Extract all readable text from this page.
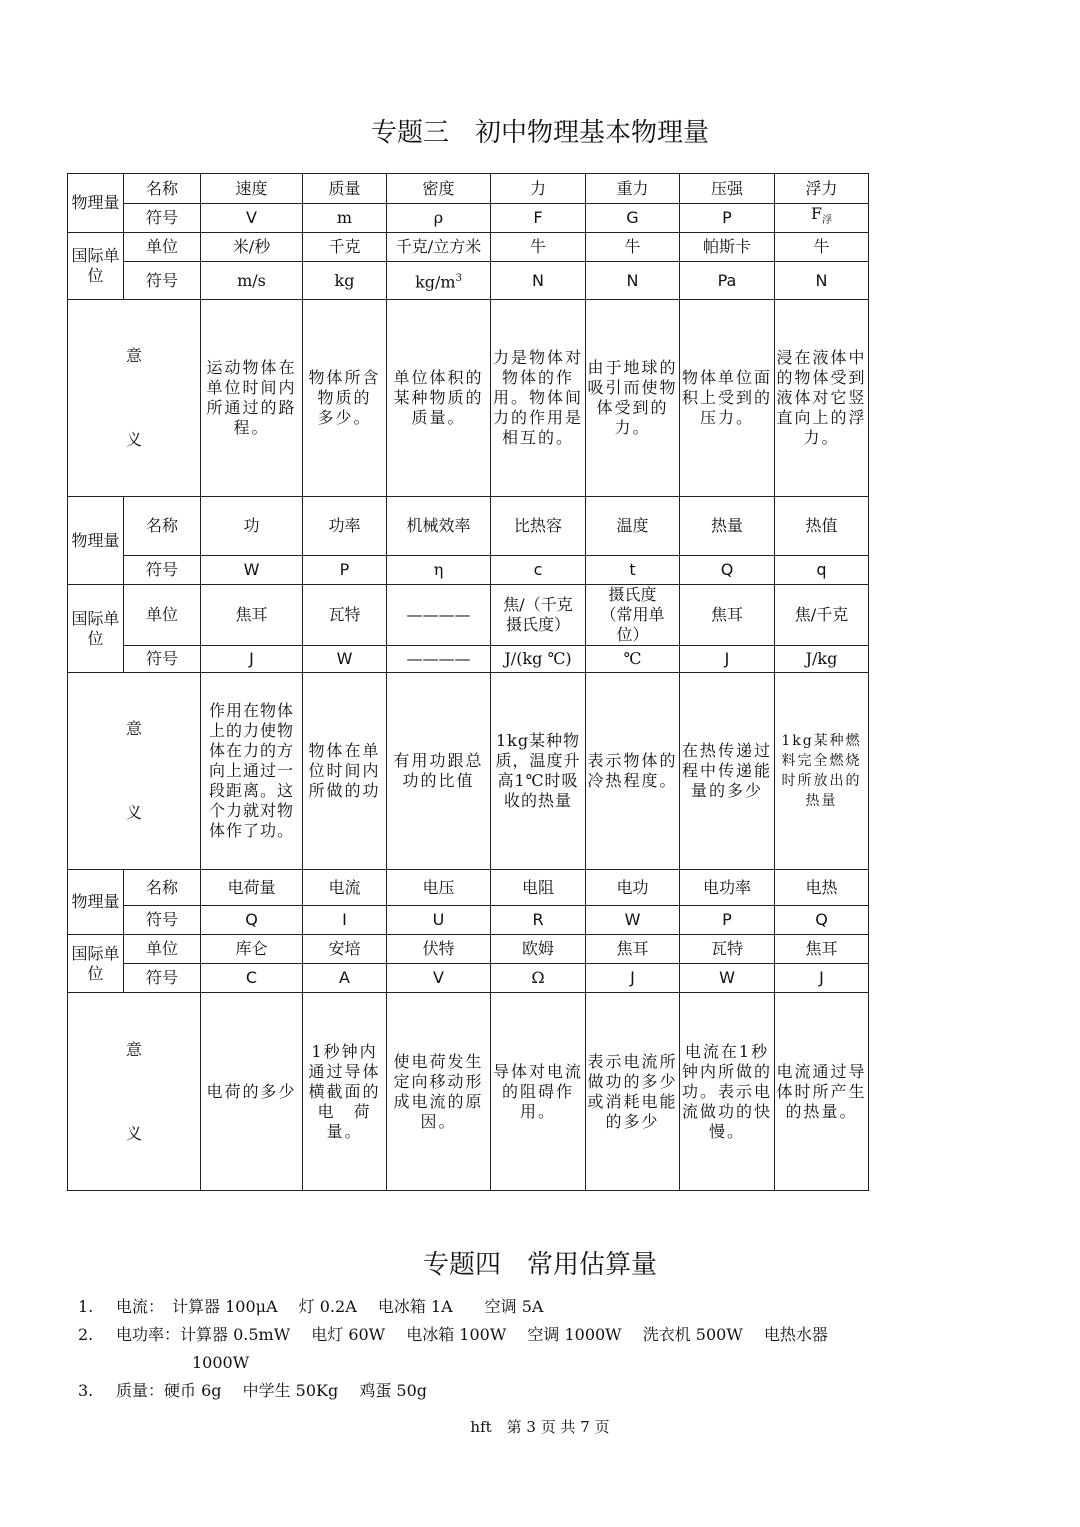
专题三　初中物理基本物理量
物理量	名称	速度	质量	密度	力	重力	压强	浮力
	符号	V	m	ρ	F	G	P	$F_浮$
国际单位	单位	米/秒	千克	千克/立方米	牛	牛	帕斯卡	牛
	符号	m/s	kg	$kg/m^3$	N	N	Pa	N

意
义		运动物体在单位时间内所通过的路程。	物体所含物质的　多少。	单位体积的某种物质的质量。	力是物体对物体的作用。物体间力的作用是相互的。	由于地球的吸引而使物体受到的力。	物体单位面积上受到的压力。	浸在液体中的物体受到液体对它竖直向上的浮力。
物理量	名称	功	功率	机械效率	比热容	温度	热量	热值
	符号	W	P	η	c	t	Q	q
国际单位	单位	焦耳	瓦特	————	焦/（千克摄氏度）	摄氏度（常用单位）	焦耳	焦/千克
	符号	J	W	————	J/(kg ℃)	℃	J	J/kg

意
义		作用在物体上的力使物体在力的方向上通过一段距离。这个力就对物体作了功。	物体在单位时间内所做的功	有用功跟总功的比值	1kg某种物质，温度升高1℃时吸收的热量	表示物体的冷热程度。	在热传递过程中传递能量的多少	1kg某种燃料完全燃烧时所放出的热量
物理量	名称	电荷量	电流	电压	电阻	电功	电功率	电热
	符号	Q	I	U	R	W	P	Q
国际单位	单位	库仑	安培	伏特	欧姆	焦耳	瓦特	焦耳
	符号	C	A	V	Ω	J	W	J

意
义		电荷的多少	1秒钟内通过导体横截面的电　荷　量。	使电荷发生定向移动形成电流的原因。	导体对电流的阻碍作用。	表示电流所做功的多少或消耗电能的多少	电流在1秒钟内所做的功。表示电流做功的快慢。	电流通过导体时所产生的热量。
专题四　常用估算量
1. 电流：　计算器 100μA　 灯 0.2A　 电冰箱 1A　　空调 5A
2. 电功率：计算器 0.5mW　 电灯 60W　 电冰箱 100W　 空调 1000W　 洗衣机 500W　 电热水器
1000W
3. 质量：硬币 6g　 中学生 50Kg　 鸡蛋 50g
hft　第 3 页 共 7 页
